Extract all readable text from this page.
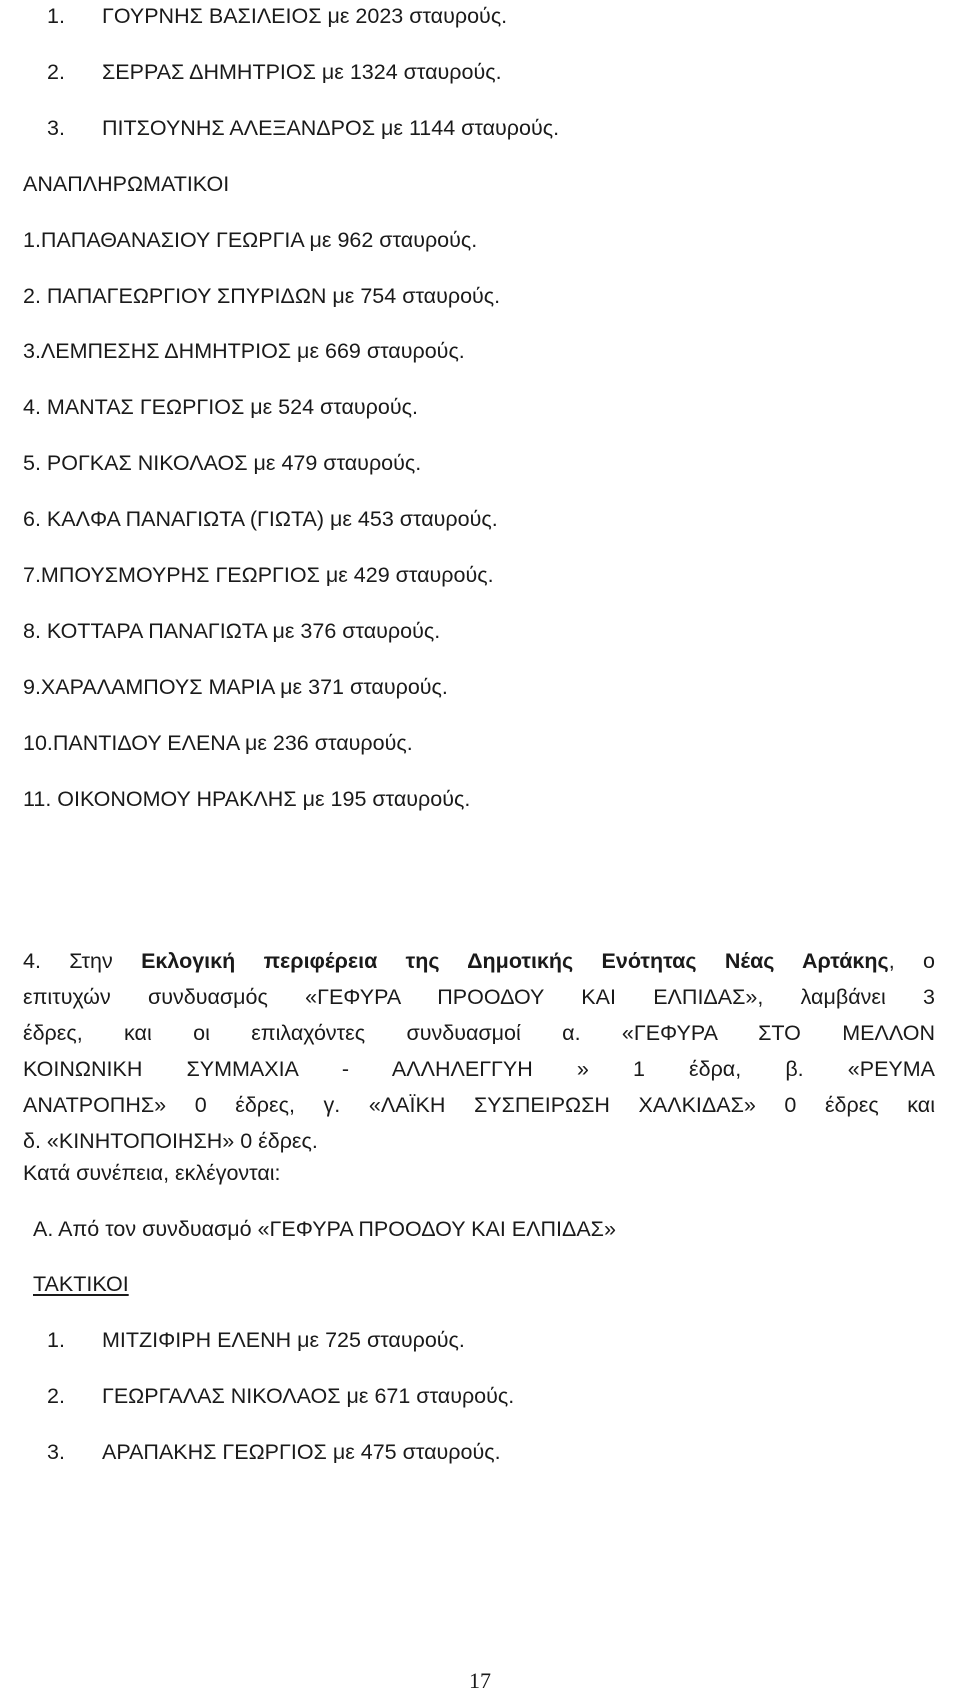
1. ΓΟΥΡΝΗΣ ΒΑΣΙΛΕΙΟΣ με 2023 σταυρούς.
2. ΣΕΡΡΑΣ ΔΗΜΗΤΡΙΟΣ με 1324 σταυρούς.
3. ΠΙΤΣΟΥΝΗΣ ΑΛΕΞΑΝΔΡΟΣ με 1144 σταυρούς.
ΑΝΑΠΛΗΡΩΜΑΤΙΚΟΙ
1.ΠΑΠΑΘΑΝΑΣΙΟΥ ΓΕΩΡΓΙΑ με 962 σταυρούς.
2. ΠΑΠΑΓΕΩΡΓΙΟΥ ΣΠΥΡΙΔΩΝ με 754 σταυρούς.
3.ΛΕΜΠΕΣΗΣ ΔΗΜΗΤΡΙΟΣ με 669 σταυρούς.
4. ΜΑΝΤΑΣ ΓΕΩΡΓΙΟΣ με 524 σταυρούς.
5. ΡΟΓΚΑΣ ΝΙΚΟΛΑΟΣ με 479 σταυρούς.
6. ΚΑΛΦΑ ΠΑΝΑΓΙΩΤΑ (ΓΙΩΤΑ) με 453 σταυρούς.
7.ΜΠΟΥΣΜΟΥΡΗΣ ΓΕΩΡΓΙΟΣ με 429 σταυρούς.
8. ΚΟΤΤΑΡΑ ΠΑΝΑΓΙΩΤΑ με 376 σταυρούς.
9.ΧΑΡΑΛΑΜΠΟΥΣ ΜΑΡΙΑ με 371 σταυρούς.
10.ΠΑΝΤΙΔΟΥ ΕΛΕΝΑ με 236 σταυρούς.
11. ΟΙΚΟΝΟΜΟΥ ΗΡΑΚΛΗΣ με 195 σταυρούς.
4. Στην Εκλογική περιφέρεια της Δημοτικής Ενότητας Νέας Αρτάκης, ο
επιτυχών συνδυασμός «ΓΕΦΥΡΑ ΠΡΟΟΔΟΥ ΚΑΙ ΕΛΠΙΔΑΣ», λαμβάνει 3
έδρες, και οι επιλαχόντες συνδυασμοί α. «ΓΕΦΥΡΑ ΣΤΟ ΜΕΛΛΟΝ
ΚΟΙΝΩΝΙΚΗ ΣΥΜΜΑΧΙΑ - ΑΛΛΗΛΕΓΓΥΗ » 1 έδρα, β. «ΡΕΥΜΑ
ΑΝΑΤΡΟΠΗΣ» 0 έδρες, γ. «ΛΑΪΚΗ ΣΥΣΠΕΙΡΩΣΗ ΧΑΛΚΙΔΑΣ» 0 έδρες και
δ. «ΚΙΝΗΤΟΠΟΙΗΣΗ» 0 έδρες.
Κατά συνέπεια, εκλέγονται:
Α. Από τον συνδυασμό «ΓΕΦΥΡΑ ΠΡΟΟΔΟΥ ΚΑΙ ΕΛΠΙΔΑΣ»
ΤΑΚΤΙΚΟΙ
1. ΜΙΤΖΙΦΙΡΗ ΕΛΕΝΗ με 725 σταυρούς.
2. ΓΕΩΡΓΑΛΑΣ ΝΙΚΟΛΑΟΣ με 671 σταυρούς.
3. ΑΡΑΠΑΚΗΣ ΓΕΩΡΓΙΟΣ με 475 σταυρούς.
17
